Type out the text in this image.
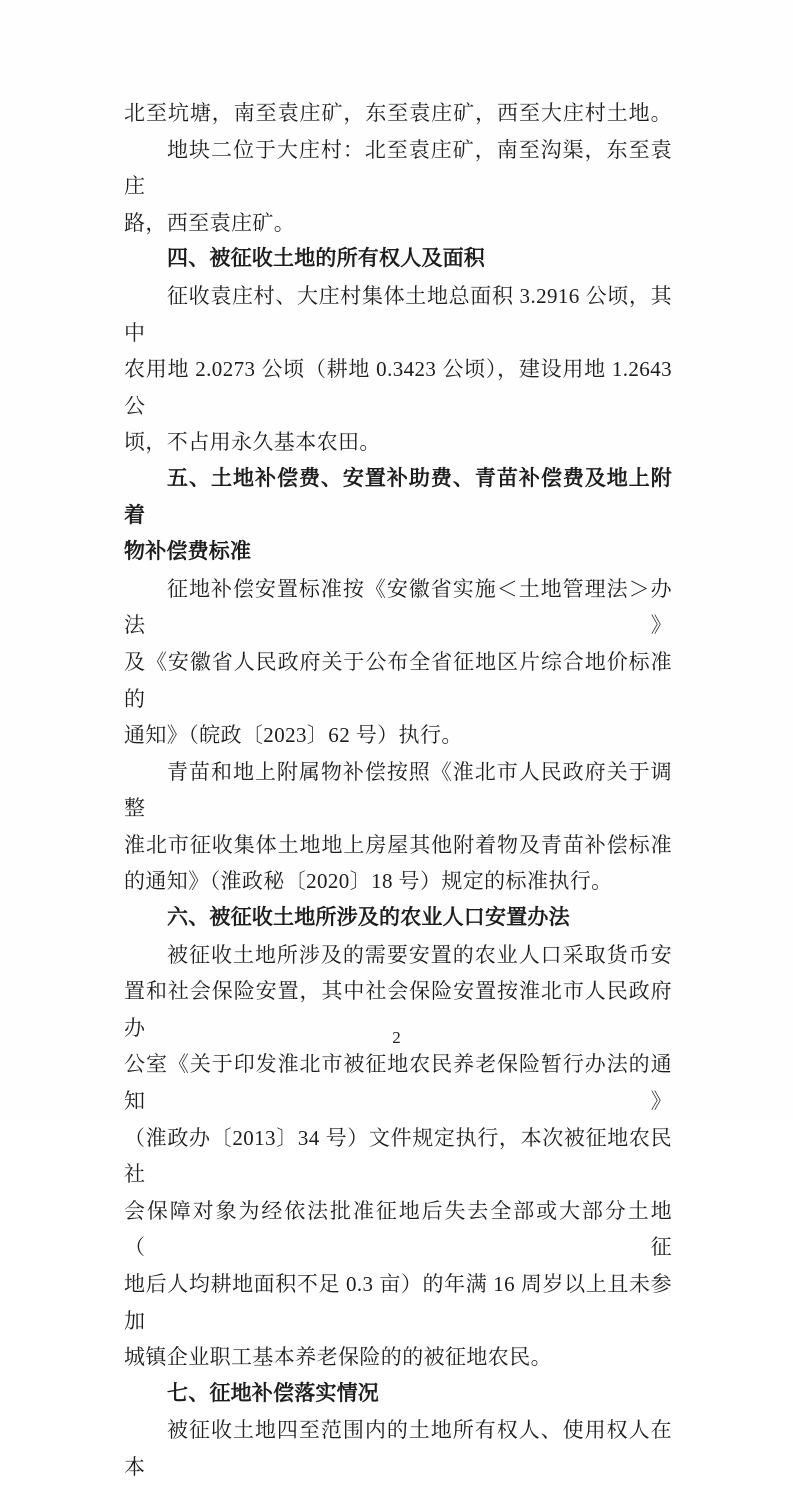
北至坑塘，南至袁庄矿，东至袁庄矿，西至大庄村土地。
地块二位于大庄村：北至袁庄矿，南至沟渠，东至袁庄
路，西至袁庄矿。
四、被征收土地的所有权人及面积
征收袁庄村、大庄村集体土地总面积 3.2916 公顷，其中
农用地 2.0273 公顷（耕地 0.3423 公顷），建设用地 1.2643 公
顷，不占用永久基本农田。
五、土地补偿费、安置补助费、青苗补偿费及地上附着
物补偿费标准
征地补偿安置标准按《安徽省实施＜土地管理法＞办法》
及《安徽省人民政府关于公布全省征地区片综合地价标准的
通知》（皖政〔2023〕62 号）执行。
青苗和地上附属物补偿按照《淮北市人民政府关于调整
淮北市征收集体土地地上房屋其他附着物及青苗补偿标准
的通知》（淮政秘〔2020〕18 号）规定的标准执行。
六、被征收土地所涉及的农业人口安置办法
被征收土地所涉及的需要安置的农业人口采取货币安
置和社会保险安置，其中社会保险安置按淮北市人民政府办
公室《关于印发淮北市被征地农民养老保险暂行办法的通知》
（淮政办〔2013〕34 号）文件规定执行，本次被征地农民社
会保障对象为经依法批准征地后失去全部或大部分土地（征
地后人均耕地面积不足 0.3 亩）的年满 16 周岁以上且未参加
城镇企业职工基本养老保险的的被征地农民。
七、征地补偿落实情况
被征收土地四至范围内的土地所有权人、使用权人在本
2
